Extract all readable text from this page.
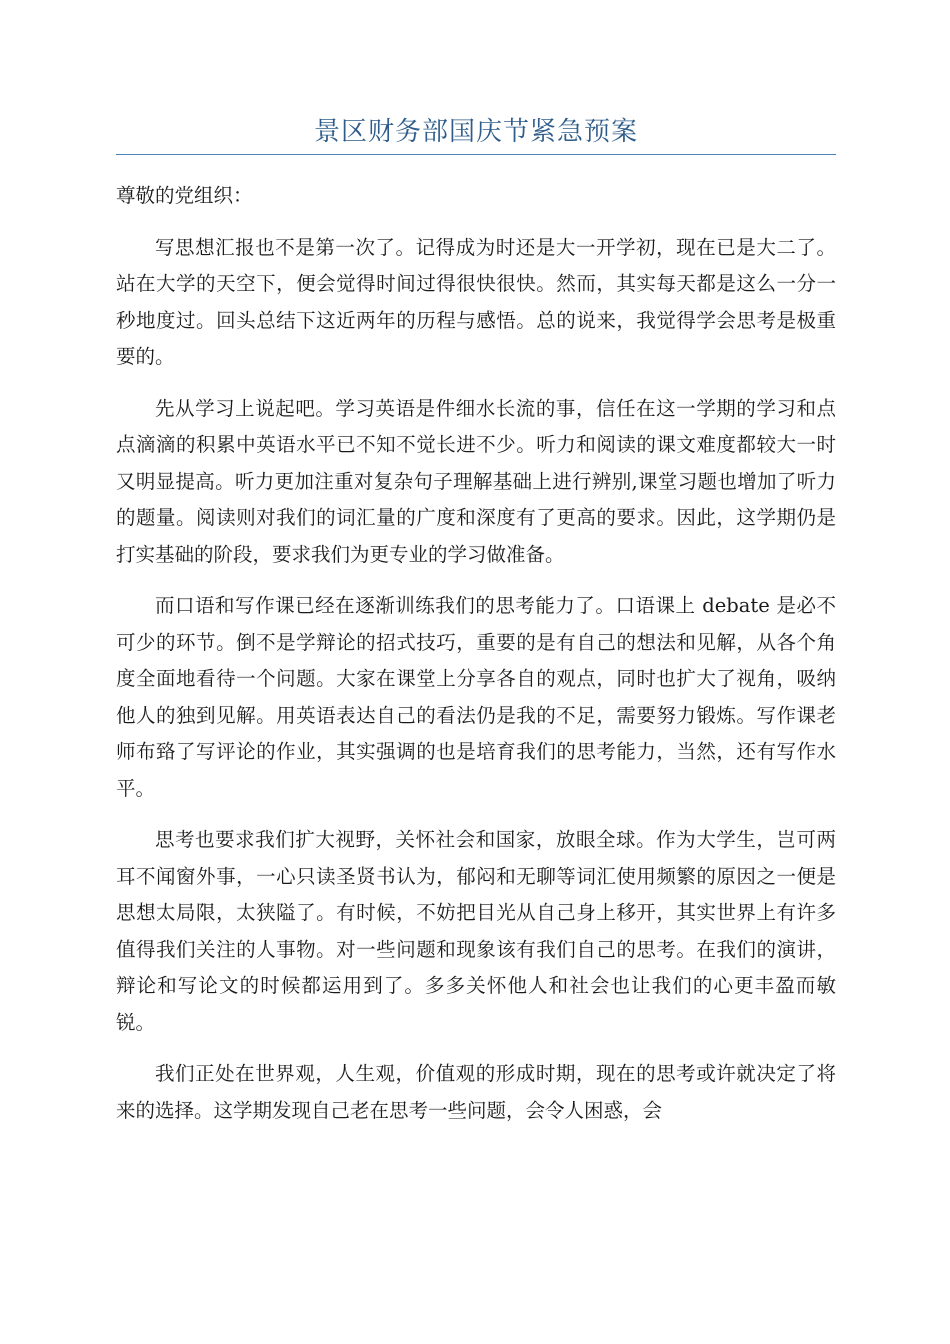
景区财务部国庆节紧急预案

尊敬的党组织：

写思想汇报也不是第一次了。记得成为时还是大一开学初，现在已是大二了。站在大学的天空下，便会觉得时间过得很快很快。然而，其实每天都是这么一分一秒地度过。回头总结下这近两年的历程与感悟。总的说来，我觉得学会思考是极重要的。

先从学习上说起吧。学习英语是件细水长流的事，信任在这一学期的学习和点点滴滴的积累中英语水平已不知不觉长进不少。听力和阅读的课文难度都较大一时又明显提高。听力更加注重对复杂句子理解基础上进行辨别,课堂习题也增加了听力的题量。阅读则对我们的词汇量的广度和深度有了更高的要求。因此，这学期仍是打实基础的阶段，要求我们为更专业的学习做准备。

而口语和写作课已经在逐渐训练我们的思考能力了。口语课上 debate 是必不可少的环节。倒不是学辩论的招式技巧，重要的是有自己的想法和见解，从各个角度全面地看待一个问题。大家在课堂上分享各自的观点，同时也扩大了视角，吸纳他人的独到见解。用英语表达自己的看法仍是我的不足，需要努力锻炼。写作课老师布臵了写评论的作业，其实强调的也是培育我们的思考能力，当然，还有写作水平。

思考也要求我们扩大视野，关怀社会和国家，放眼全球。作为大学生，岂可两耳不闻窗外事，一心只读圣贤书认为，郁闷和无聊等词汇使用频繁的原因之一便是思想太局限，太狭隘了。有时候，不妨把目光从自己身上移开，其实世界上有许多值得我们关注的人事物。对一些问题和现象该有我们自己的思考。在我们的演讲，辩论和写论文的时候都运用到了。多多关怀他人和社会也让我们的心更丰盈而敏锐。

我们正处在世界观，人生观，价值观的形成时期，现在的思考或许就决定了将来的选择。这学期发现自己老在思考一些问题，会令人困惑，会
